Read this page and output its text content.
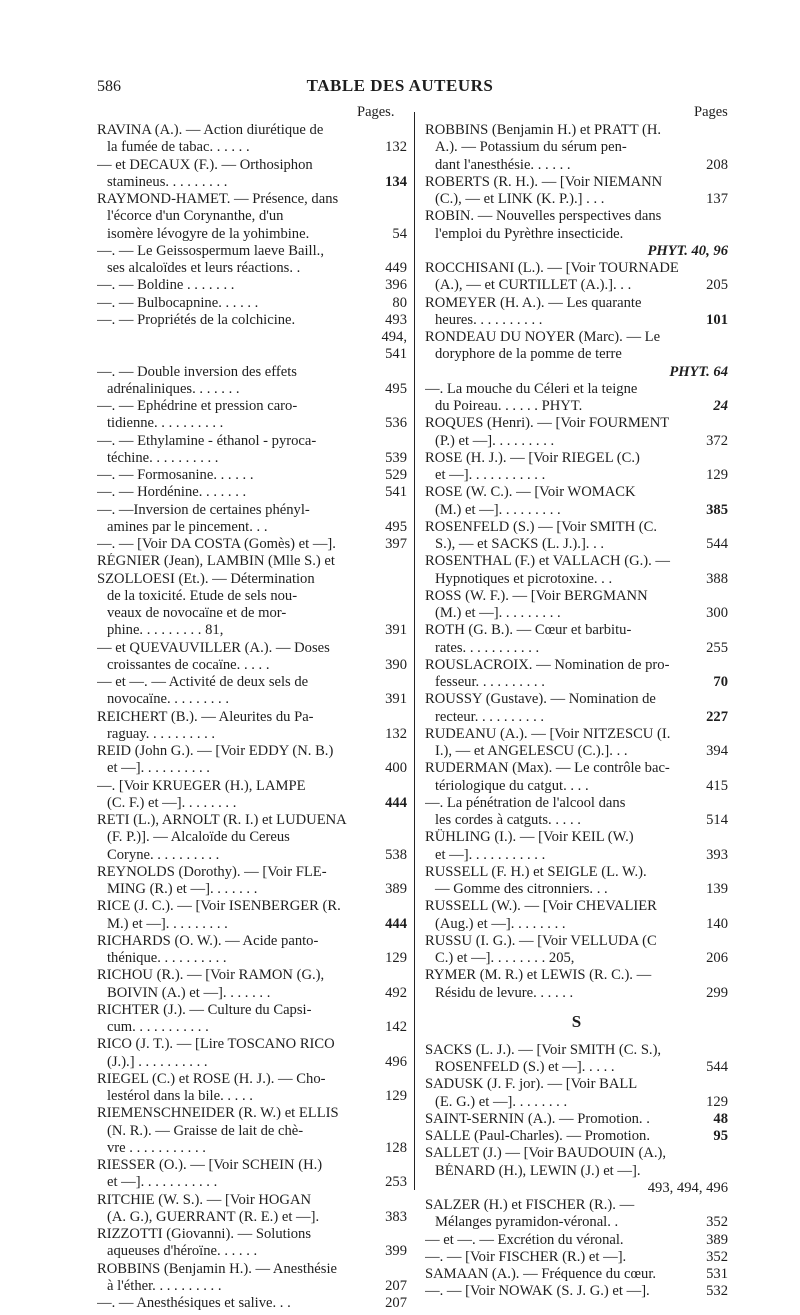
586	TABLE DES AUTEURS
Pages.	Pages
RAVINA (A.). — Action diurétique de
la fumée de tabac. . . . . .	132
— et DECAUX (F.). — Orthosiphon
stamineus. . . . . . . . .	134
RAYMOND-HAMET. — Présence, dans
l'écorce d'un Corynanthe, d'un
isomère lévogyre de la yohimbine.	54
—. — Le Geissospermum laeve Baill.,
ses alcaloïdes et leurs réactions. .	449
—. — Boldine . . . . . . .	396
—. — Bulbocapnine. . . . . .	80
—. — Propriétés de la colchicine.	493
494,
541
—. — Double inversion des effets
adrénaliniques. . . . . . .	495
—. — Ephédrine et pression caro-
tidienne. . . . . . . . . .	536
—. — Ethylamine - éthanol - pyroca-
téchine. . . . . . . . . .	539
—. — Formosanine. . . . . .	529
—. — Hordénine. . . . . . .	541
—. —Inversion de certaines phényl-
amines par le pincement. . .	495
—. — [Voir DA COSTA (Gomès) et —].	397
RÉGNIER (Jean), LAMBIN (Mlle S.) et
SZOLLOESI (Et.). — Détermination
de la toxicité. Etude de sels nou-
veaux de novocaïne et de mor-
phine. . . . . . . . . 81,	391
— et QUEVAUVILLER (A.). — Doses
croissantes de cocaïne. . . . .	390
— et —. — Activité de deux sels de
novocaïne. . . . . . . . .	391
REICHERT (B.). — Aleurites du Pa-
raguay. . . . . . . . . .	132
REID (John G.). — [Voir EDDY (N. B.)
et —]. . . . . . . . . .	400
—. [Voir KRUEGER (H.), LAMPE
(C. F.) et —]. . . . . . . .	444
RETI (L.), ARNOLT (R. I.) et LUDUENA
(F. P.)]. — Alcaloïde du Cereus
Coryne. . . . . . . . . .	538
REYNOLDS (Dorothy). — [Voir FLE-
MING (R.) et —]. . . . . . .	389
RICE (J. C.). — [Voir ISENBERGER (R.
M.) et —]. . . . . . . . .	444
RICHARDS (O. W.). — Acide panto-
thénique. . . . . . . . . .	129
RICHOU (R.). — [Voir RAMON (G.),
BOIVIN (A.) et —]. . . . . . .	492
RICHTER (J.). — Culture du Capsi-
cum. . . . . . . . . . .	142
RICO (J. T.). — [Lire TOSCANO RICO
(J.).] . . . . . . . . . .	496
RIEGEL (C.) et ROSE (H. J.). — Cho-
lestérol dans la bile. . . . .	129
RIEMENSCHNEIDER (R. W.) et ELLIS
(N. R.). — Graisse de lait de chè-
vre . . . . . . . . . . .	128
RIESSER (O.). — [Voir SCHEIN (H.)
et —]. . . . . . . . . . .	253
RITCHIE (W. S.). — [Voir HOGAN
(A. G.), GUERRANT (R. E.) et —].	383
RIZZOTTI (Giovanni). — Solutions
aqueuses d'héroïne. . . . . .	399
ROBBINS (Benjamin H.). — Anesthésie
à l'éther. . . . . . . . . .	207
—. — Anesthésiques et salive. . .	207
ROBBINS (Benjamin H.) et PRATT (H.
A.). — Potassium du sérum pen-
dant l'anesthésie. . . . . .	208
ROBERTS (R. H.). — [Voir NIEMANN
(C.), — et LINK (K. P.).] . . .	137
ROBIN. — Nouvelles perspectives dans
l'emploi du Pyrèthre insecticide.
PHYT. 40, 96
ROCCHISANI (L.). — [Voir TOURNADE
(A.), — et CURTILLET (A.).]. . .	205
ROMEYER (H. A.). — Les quarante
heures. . . . . . . . . .	101
RONDEAU DU NOYER (Marc). — Le
doryphore de la pomme de terre
PHYT. 64
—. La mouche du Céleri et la teigne
du Poireau. . . . . . PHYT.	24
ROQUES (Henri). — [Voir FOURMENT
(P.) et —]. . . . . . . . .	372
ROSE (H. J.). — [Voir RIEGEL (C.)
et —]. . . . . . . . . . .	129
ROSE (W. C.). — [Voir WOMACK
(M.) et —]. . . . . . . . .	385
ROSENFELD (S.) — [Voir SMITH (C.
S.), — et SACKS (L. J.).]. . .	544
ROSENTHAL (F.) et VALLACH (G.). —
Hypnotiques et picrotoxine. . .	388
ROSS (W. F.). — [Voir BERGMANN
(M.) et —]. . . . . . . . .	300
ROTH (G. B.). — Cœur et barbitu-
rates. . . . . . . . . . .	255
ROUSLACROIX. — Nomination de pro-
fesseur. . . . . . . . . .	70
ROUSSY (Gustave). — Nomination de
recteur. . . . . . . . . .	227
RUDEANU (A.). — [Voir NITZESCU (I.
I.), — et ANGELESCU (C.).]. . .	394
RUDERMAN (Max). — Le contrôle bac-
tériologique du catgut. . . .	415
—. La pénétration de l'alcool dans
les cordes à catguts. . . . .	514
RÜHLING (I.). — [Voir KEIL (W.)
et —]. . . . . . . . . . .	393
RUSSELL (F. H.) et SEIGLE (L. W.).
— Gomme des citronniers. . .	139
RUSSELL (W.). — [Voir CHEVALIER
(Aug.) et —]. . . . . . . .	140
RUSSU (I. G.). — [Voir VELLUDA (C
C.) et —]. . . . . . . . 205,	206
RYMER (M. R.) et LEWIS (R. C.). —
Résidu de levure. . . . . .	299
S
SACKS (L. J.). — [Voir SMITH (C. S.),
ROSENFELD (S.) et —]. . . . .	544
SADUSK (J. F. jor). — [Voir BALL
(E. G.) et —]. . . . . . . .	129
SAINT-SERNIN (A.). — Promotion. .	48
SALLE (Paul-Charles). — Promotion.	95
SALLET (J.) — [Voir BAUDOUIN (A.),
BÉNARD (H.), LEWIN (J.) et —].
493, 494, 496
SALZER (H.) et FISCHER (R.). —
Mélanges pyramidon-véronal. .	352
— et —. — Excrétion du véronal.	389
—. — [Voir FISCHER (R.) et —].	352
SAMAAN (A.). — Fréquence du cœur.	531
—. — [Voir NOWAK (S. J. G.) et —].	532
